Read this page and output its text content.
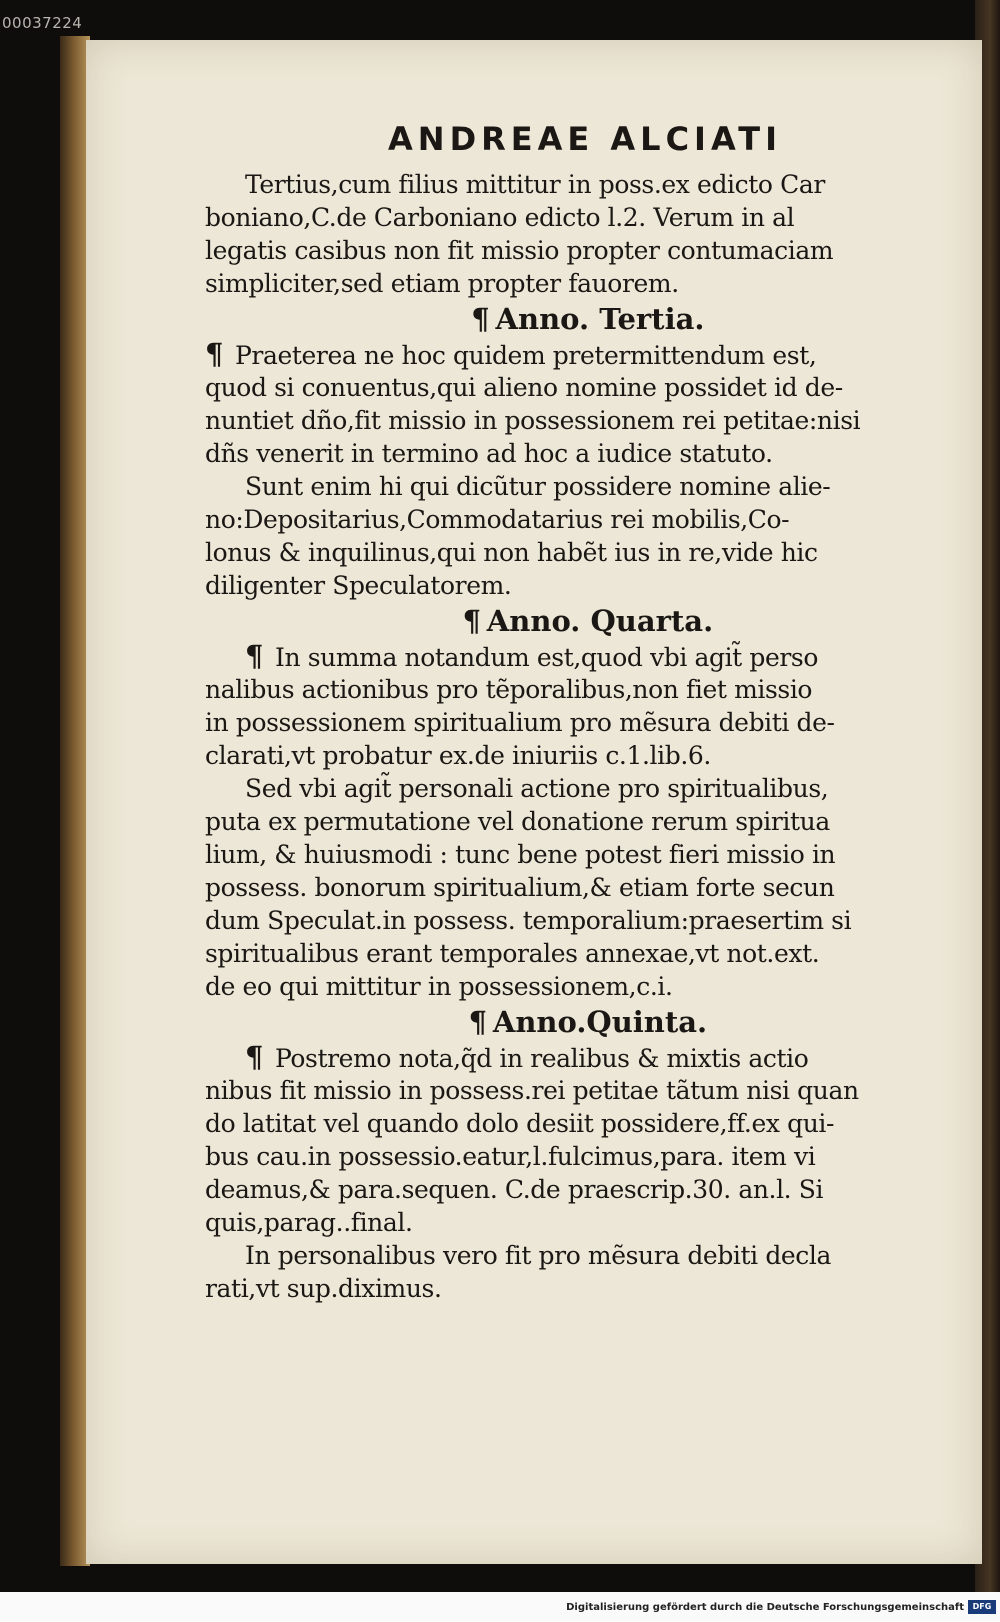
00037224
ANDREAE ALCIATI
Tertius,cum filius mittitur in poss.ex edicto Car
boniano,C.de Carboniano edicto l.2. Verum in al
legatis casibus non fit missio propter contumaciam
simpliciter,sed etiam propter fauorem.
¶Anno. Tertia.
¶Praeterea ne hoc quidem pretermittendum est,
quod si conuentus,qui alieno nomine possidet id de-
nuntiet dño,fit missio in possessionem rei petitae:nisi
dñs venerit in termino ad hoc a iudice statuto.
Sunt enim hi qui dicũtur possidere nomine alie-
no:Depositarius,Commodatarius rei mobilis,Co-
lonus & inquilinus,qui non habẽt ius in re,vide hic
diligenter Speculatorem.
¶Anno. Quarta.
¶In summa notandum est,quod vbi agit̃ perso
nalibus actionibus pro tẽporalibus,non fiet missio
in possessionem spiritualium pro mẽsura debiti de-
clarati,vt probatur ex.de iniuriis c.1.lib.6.
Sed vbi agit̃ personali actione pro spiritualibus,
puta ex permutatione vel donatione rerum spiritua
lium, & huiusmodi : tunc bene potest fieri missio in
possess. bonorum spiritualium,& etiam forte secun
dum Speculat.in possess. temporalium:praesertim si
spiritualibus erant temporales annexae,vt not.ext.
de eo qui mittitur in possessionem,c.i.
¶Anno.Quinta.
¶Postremo nota,q̃d in realibus & mixtis actio
nibus fit missio in possess.rei petitae tãtum nisi quan
do latitat vel quando dolo desiit possidere,ff.ex qui-
bus cau.in possessio.eatur,l.fulcimus,para. item vi
deamus,& para.sequen. C.de praescrip.30. an.l. Si
quis,parag..final.
In personalibus vero fit pro mẽsura debiti decla
rati,vt sup.diximus.
Digitalisierung gefördert durch die Deutsche Forschungsgemeinschaft	DFG
